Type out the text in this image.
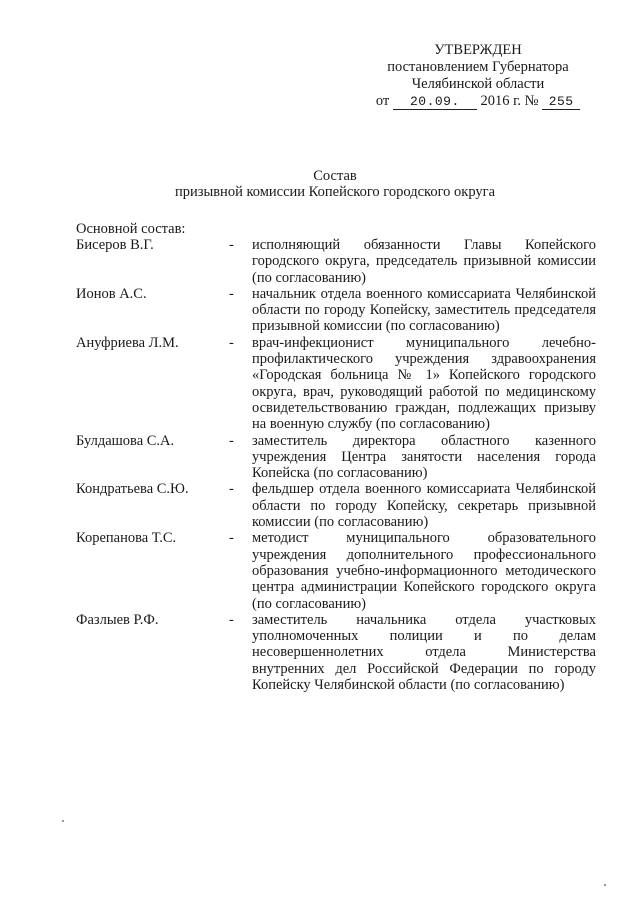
УТВЕРЖДЕН
постановлением Губернатора
Челябинской области
от 20.09. 2016 г. № 255
Состав
призывной комиссии Копейского городского округа
Основной состав:
Бисеров В.Г.	-	исполняющий обязанности Главы Копейского городского округа, председатель призывной комиссии (по согласованию)
Ионов А.С.	-	начальник отдела военного комиссариата Челябинской области по городу Копейску, заместитель председателя призывной комиссии (по согласованию)
Ануфриева Л.М.	-	врач-инфекционист муниципального лечебно-профилактического учреждения здравоохранения «Городская больница № 1» Копейского городского округа, врач, руководящий работой по медицинскому освидетельствованию граждан, подлежащих призыву на военную службу (по согласованию)
Булдашова С.А.	-	заместитель директора областного казенного учреждения Центра занятости населения города Копейска (по согласованию)
Кондратьева С.Ю.	-	фельдшер отдела военного комиссариата Челябинской области по городу Копейску, секретарь призывной комиссии (по согласованию)
Корепанова Т.С.	-	методист муниципального образовательного учреждения дополнительного профессионального образования учебно-информационного методического центра администрации Копейского городского округа (по согласованию)
Фазлыев Р.Ф.	-	заместитель начальника отдела участковых уполномоченных полиции и по делам несовершеннолетних отдела Министерства внутренних дел Российской Федерации по городу Копейску Челябинской области (по согласованию)
